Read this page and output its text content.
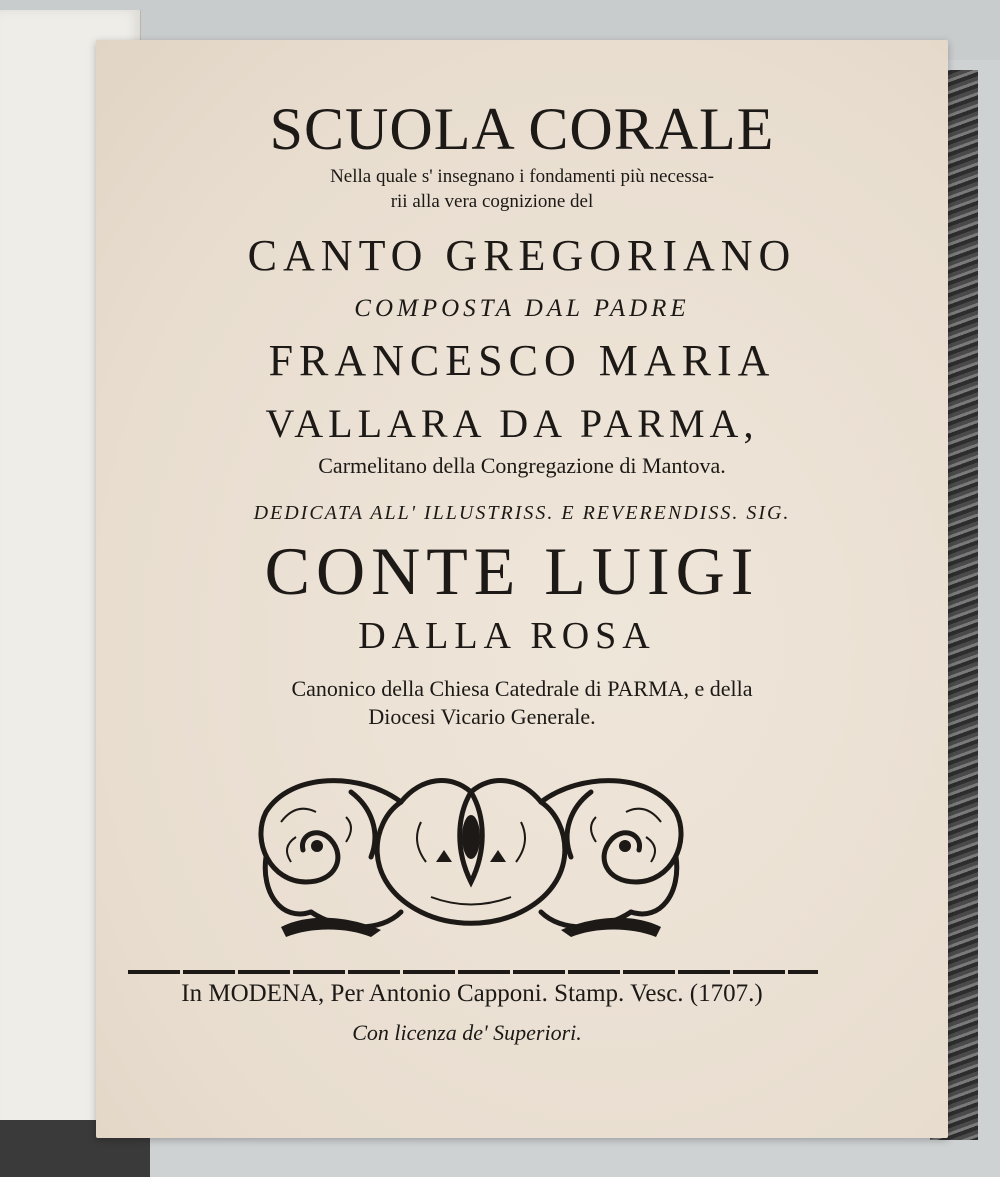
SCUOLA CORALE
Nella quale s' insegnano i fondamenti più necessa-
rii alla vera cognizione del
CANTO GREGORIANO
COMPOSTA DAL PADRE
FRANCESCO MARIA
VALLARA DA PARMA,
Carmelitano della Congregazione di Mantova.
DEDICATA ALL' ILLUSTRISS. E REVERENDISS. SIG.
CONTE LUIGI
DALLA ROSA
Canonico della Chiesa Catedrale di PARMA, e della
Diocesi Vicario Generale.
In MODENA, Per Antonio Capponi. Stamp. Vesc. (1707.)
Con licenza de' Superiori.
